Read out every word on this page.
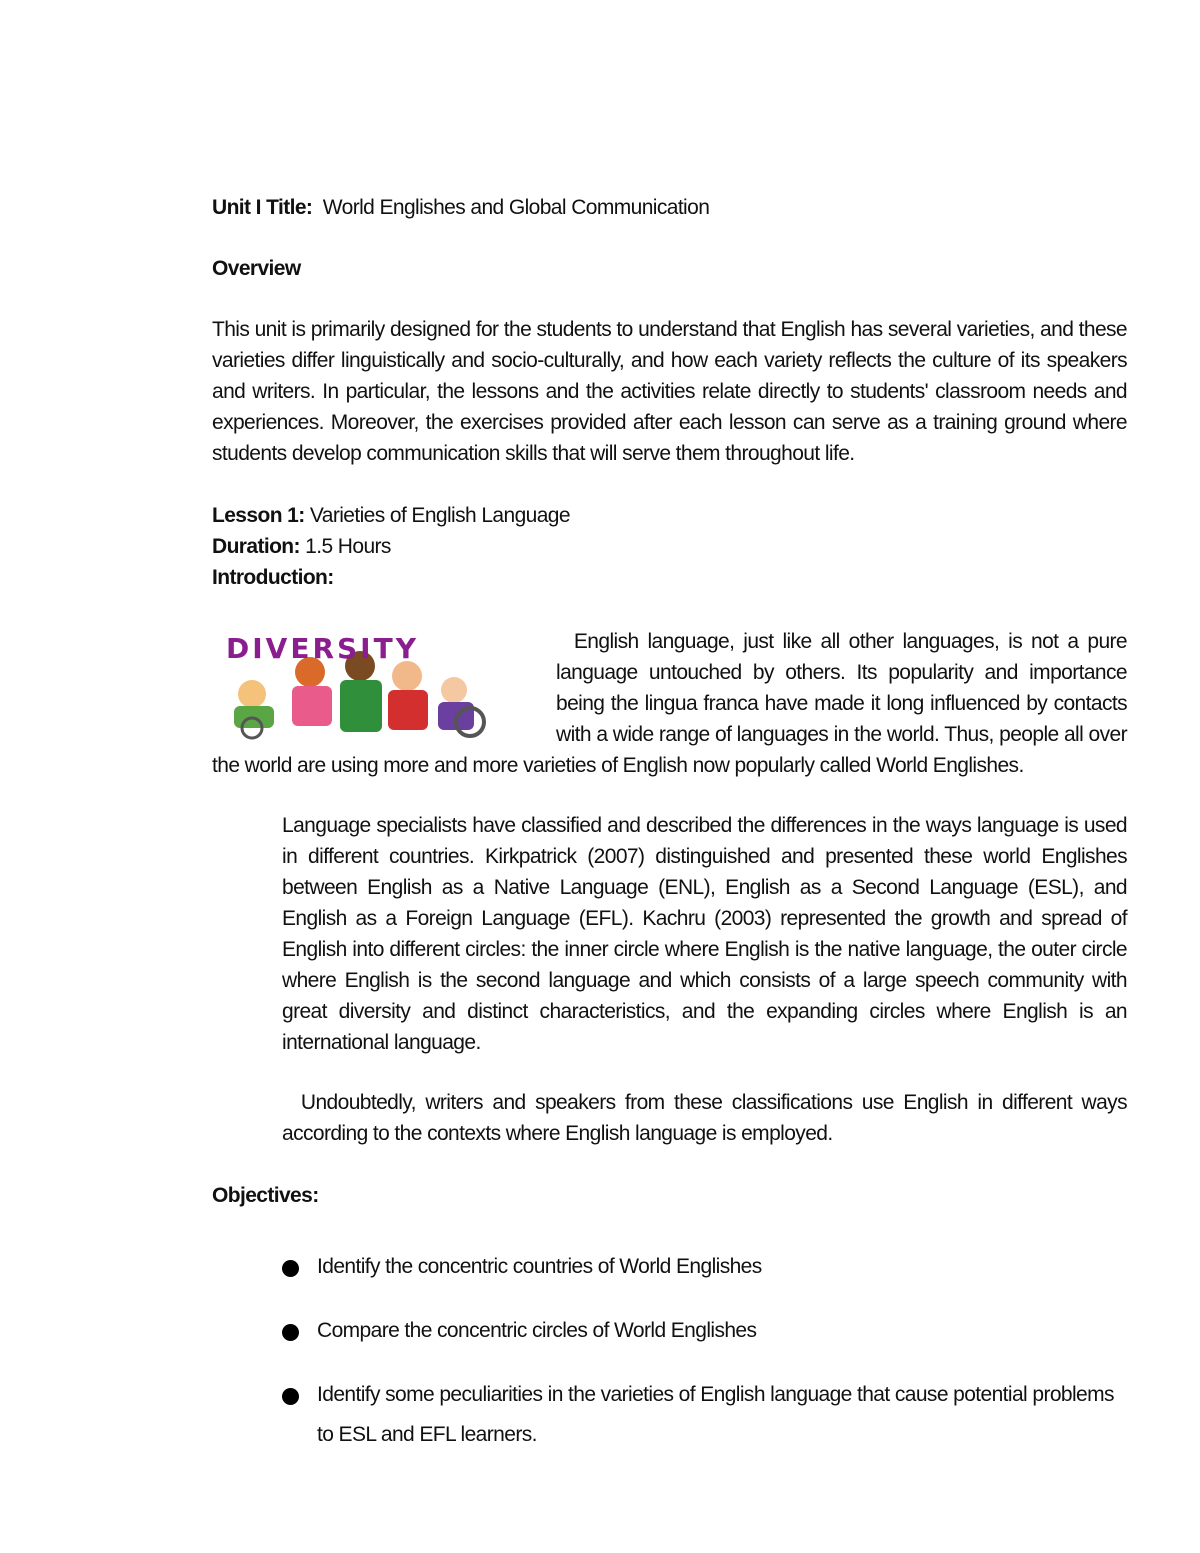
Unit I Title: World Englishes and Global Communication

Overview

This unit is primarily designed for the students to understand that English has several varieties, and these varieties differ linguistically and socio-culturally, and how each variety reflects the culture of its speakers and writers. In particular, the lessons and the activities relate directly to students' classroom needs and experiences. Moreover, the exercises provided after each lesson can serve as a training ground where students develop communication skills that will serve them throughout life.

Lesson 1: Varieties of English Language

Duration: 1.5 Hours

Introduction:

DIVERSITY	English language, just like all other languages, is not a pure language untouched by others. Its popularity and importance being the lingua franca have made it long influenced by contacts with a wide range of languages in the world. Thus, people all over the world are using more and more varieties of English now popularly called World Englishes.

Language specialists have classified and described the differences in the ways language is used in different countries. Kirkpatrick (2007) distinguished and presented these world Englishes between English as a Native Language (ENL), English as a Second Language (ESL), and English as a Foreign Language (EFL). Kachru (2003) represented the growth and spread of English into different circles: the inner circle where English is the native language, the outer circle where English is the second language and which consists of a large speech community with great diversity and distinct characteristics, and the expanding circles where English is an international language.

Undoubtedly, writers and speakers from these classifications use English in different ways according to the contexts where English language is employed.

Objectives:

Identify the concentric countries of World Englishes
Compare the concentric circles of World Englishes
Identify some peculiarities in the varieties of English language that cause potential problems to ESL and EFL learners.
